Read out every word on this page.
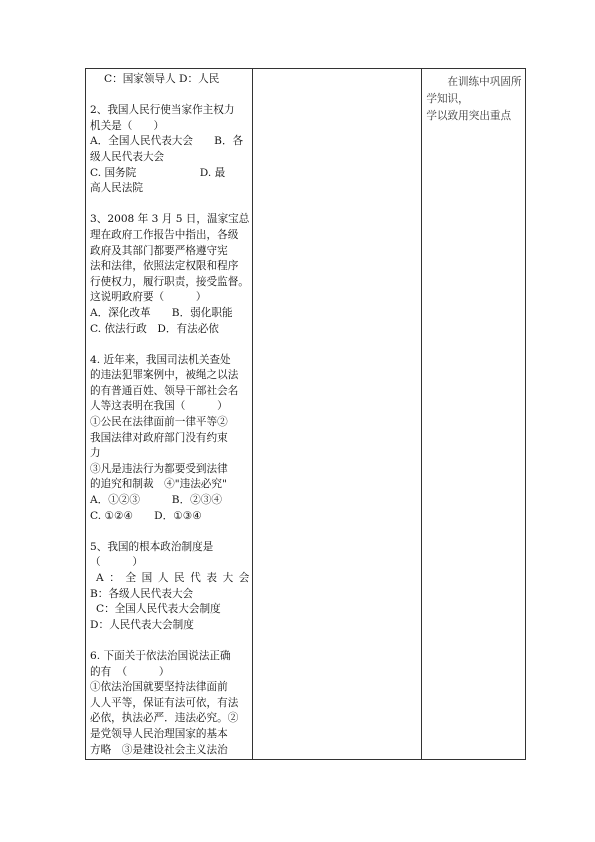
C：国家领导人 D：人民
2、我国人民行使当家作主权力
机关是（　　）
A．全国人民代表大会　　B．各
级人民代表大会
C. 国务院　　　　　　D. 最
高人民法院
3、2008 年 3 月 5 日，温家宝总
理在政府工作报告中指出，各级
政府及其部门都要严格遵守宪
法和法律，依照法定权限和程序
行使权力，履行职责，接受监督。
这说明政府要（　　　）
A．深化改革　　B．弱化职能
C. 依法行政　D．有法必依
4. 近年来，我国司法机关查处
的违法犯罪案例中，被绳之以法
的有普通百姓、领导干部社会名
人等这表明在我国（　　　）
①公民在法律面前一律平等②
我国法律对政府部门没有约束
力
③凡是违法行为都要受到法律
的追究和制裁　④"违法必究"
A．①②③　　　B．②③④
C. ①②④　　D．①③④
5、我国的根本政治制度是
（　　　）
A：全国人民代表大会
B：各级人民代表大会
C：全国人民代表大会制度
D：人民代表大会制度
6. 下面关于依法治国说法正确
的有　（　　　）
①依法治国就要坚持法律面前
人人平等，保证有法可依，有法
必依，执法必严．违法必究。②
是党领导人民治理国家的基本
方略　③是建设社会主义法治

在训练中巩固所学知识，
学以致用突出重点
